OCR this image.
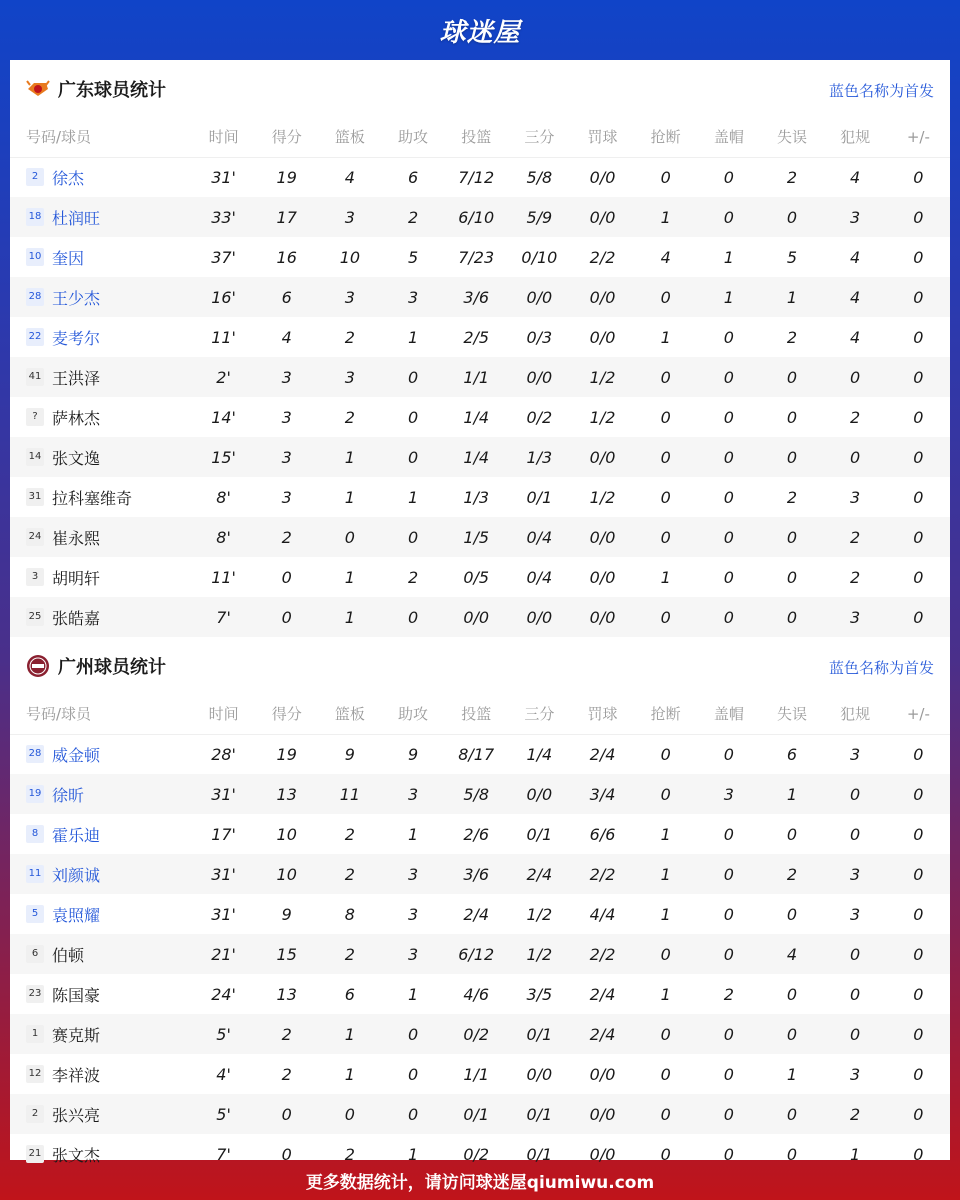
球迷屋
广东球员统计	蓝色名称为首发
号码/球员	时间	得分	篮板	助攻	投篮	三分	罚球	抢断	盖帽	失误	犯规	+/-
2 徐杰	31'	19	4	6	7/12	5/8	0/0	0	0	2	4	0
18 杜润旺	33'	17	3	2	6/10	5/9	0/0	1	0	0	3	0
10 奎因	37'	16	10	5	7/23	0/10	2/2	4	1	5	4	0
28 王少杰	16'	6	3	3	3/6	0/0	0/0	0	1	1	4	0
22 麦考尔	11'	4	2	1	2/5	0/3	0/0	1	0	2	4	0
41 王洪泽	2'	3	3	0	1/1	0/0	1/2	0	0	0	0	0
? 萨林杰	14'	3	2	0	1/4	0/2	1/2	0	0	0	2	0
14 张文逸	15'	3	1	0	1/4	1/3	0/0	0	0	0	0	0
31 拉科塞维奇	8'	3	1	1	1/3	0/1	1/2	0	0	2	3	0
24 崔永熙	8'	2	0	0	1/5	0/4	0/0	0	0	0	2	0
3 胡明轩	11'	0	1	2	0/5	0/4	0/0	1	0	0	2	0
25 张皓嘉	7'	0	1	0	0/0	0/0	0/0	0	0	0	3	0
广州球员统计	蓝色名称为首发
号码/球员	时间	得分	篮板	助攻	投篮	三分	罚球	抢断	盖帽	失误	犯规	+/-
28 威金顿	28'	19	9	9	8/17	1/4	2/4	0	0	6	3	0
19 徐昕	31'	13	11	3	5/8	0/0	3/4	0	3	1	0	0
8 霍乐迪	17'	10	2	1	2/6	0/1	6/6	1	0	0	0	0
11 刘颜诚	31'	10	2	3	3/6	2/4	2/2	1	0	2	3	0
5 袁照耀	31'	9	8	3	2/4	1/2	4/4	1	0	0	3	0
6 伯顿	21'	15	2	3	6/12	1/2	2/2	0	0	4	0	0
23 陈国豪	24'	13	6	1	4/6	3/5	2/4	1	2	0	0	0
1 赛克斯	5'	2	1	0	0/2	0/1	2/4	0	0	0	0	0
12 李祥波	4'	2	1	0	1/1	0/0	0/0	0	0	1	3	0
2 张兴亮	5'	0	0	0	0/1	0/1	0/0	0	0	0	2	0
21 张文杰	7'	0	2	1	0/2	0/1	0/0	0	0	0	1	0
更多数据统计，请访问球迷屋qiumiwu.com
